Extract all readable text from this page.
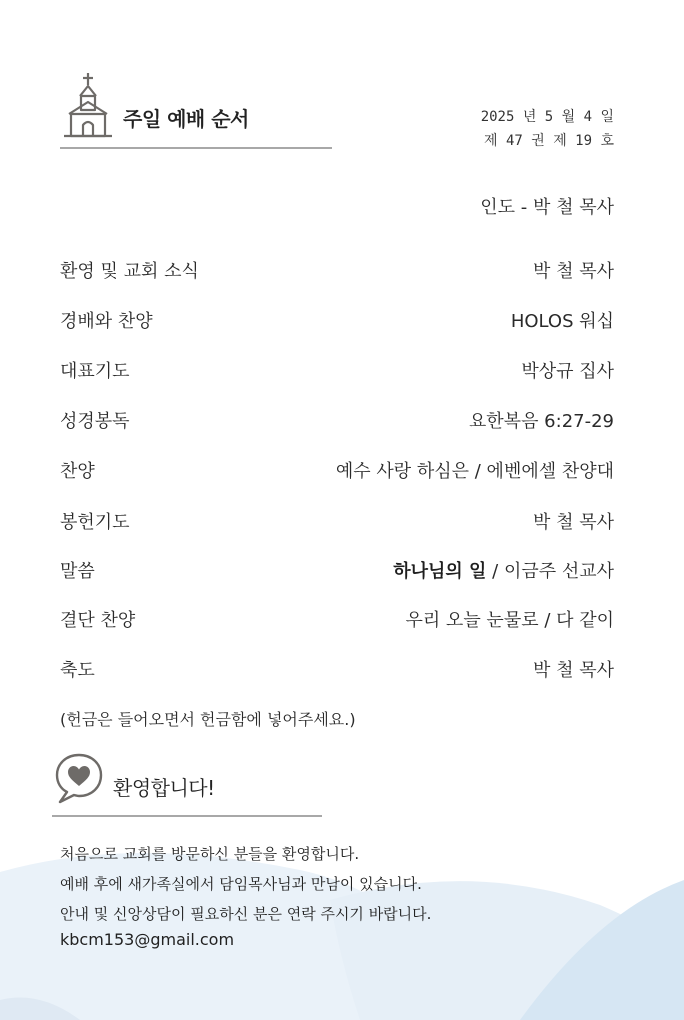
주일 예배 순서	2025 년 5 월 4 일
제 47 권 제 19 호
인도 - 박 철 목사
환영 및 교회 소식	박 철 목사
경배와 찬양	HOLOS 워십
대표기도	박상규 집사
성경봉독	요한복음 6:27-29
찬양	예수 사랑 하심은 / 에벤에셀 찬양대
봉헌기도	박 철 목사
말씀	하나님의 일 / 이금주 선교사
결단 찬양	우리 오늘 눈물로 / 다 같이
축도	박 철 목사
(헌금은 들어오면서 헌금함에 넣어주세요.)
환영합니다!
처음으로 교회를 방문하신 분들을 환영합니다.
예배 후에 새가족실에서 담임목사님과 만남이 있습니다.
안내 및 신앙상담이 필요하신 분은 연락 주시기 바랍니다.
kbcm153@gmail.com
